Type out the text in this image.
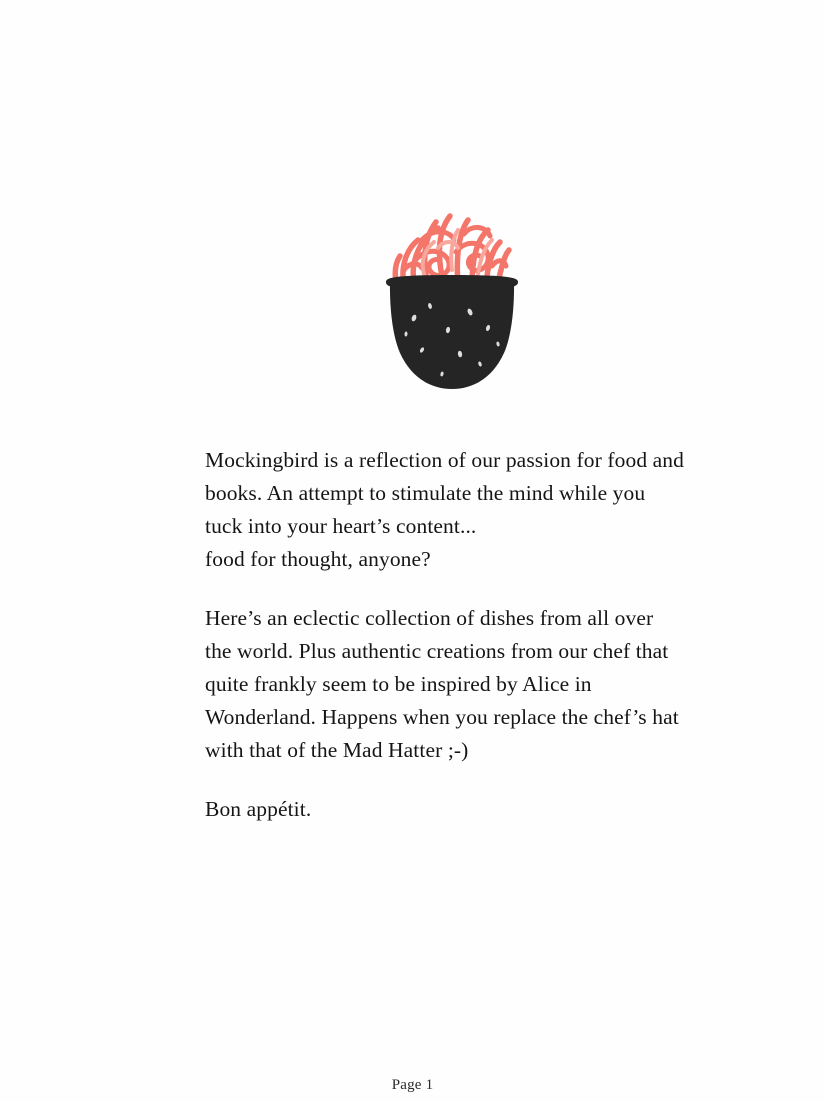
Mockingbird is a reflection of our passion for food and books. An attempt to stimulate the mind while you tuck into your heart’s content...
food for thought, anyone?

Here’s an eclectic collection of dishes from all over the world. Plus authentic creations from our chef that quite frankly seem to be inspired by Alice in Wonderland. Happens when you replace the chef’s hat with that of the Mad Hatter ;-)

Bon appétit.

Page 1
